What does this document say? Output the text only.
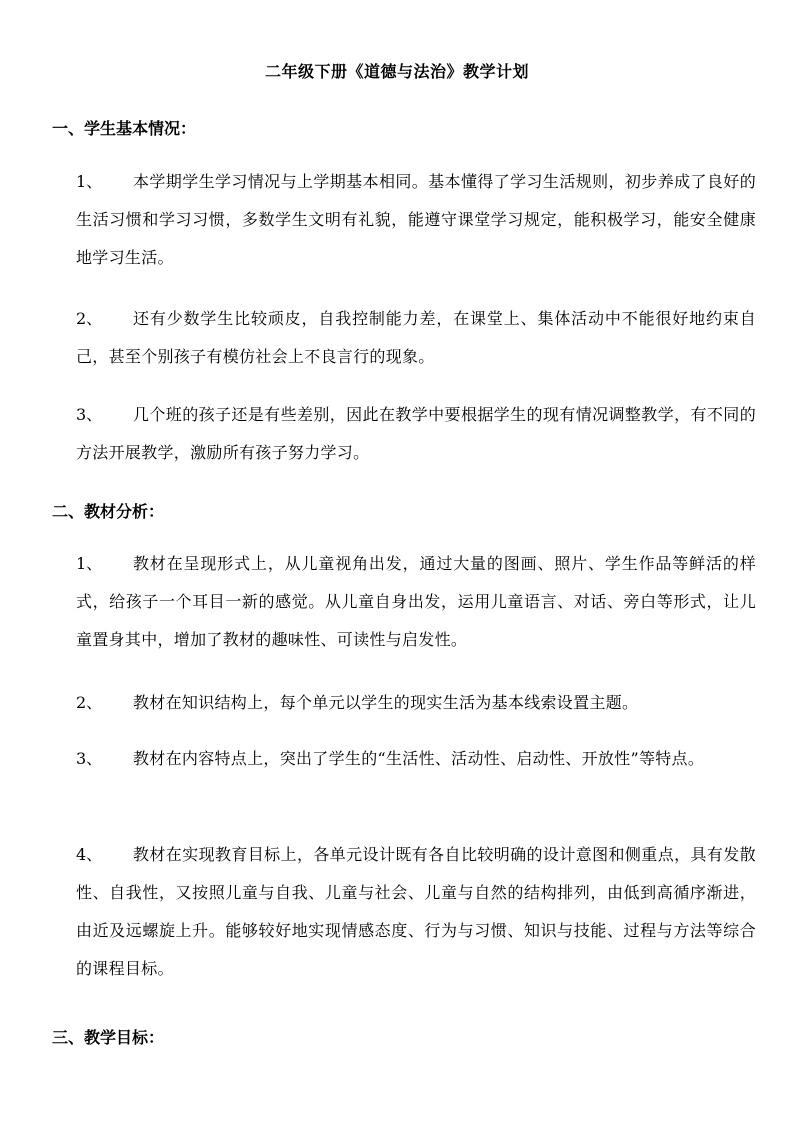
二年级下册《道德与法治》教学计划
一、学生基本情况：
1、	本学期学生学习情况与上学期基本相同。基本懂得了学习生活规则，初步养成了良好的生活习惯和学习习惯，多数学生文明有礼貌，能遵守课堂学习规定，能积极学习，能安全健康地学习生活。
2、	还有少数学生比较顽皮，自我控制能力差，在课堂上、集体活动中不能很好地约束自己，甚至个别孩子有模仿社会上不良言行的现象。
3、	几个班的孩子还是有些差别，因此在教学中要根据学生的现有情况调整教学，有不同的方法开展教学，激励所有孩子努力学习。
二、教材分析：
1、	教材在呈现形式上，从儿童视角出发，通过大量的图画、照片、学生作品等鲜活的样式，给孩子一个耳目一新的感觉。从儿童自身出发，运用儿童语言、对话、旁白等形式，让儿童置身其中，增加了教材的趣味性、可读性与启发性。
2、	教材在知识结构上，每个单元以学生的现实生活为基本线索设置主题。
3、	教材在内容特点上，突出了学生的“生活性、活动性、启动性、开放性”等特点。
4、	教材在实现教育目标上，各单元设计既有各自比较明确的设计意图和侧重点，具有发散性、自我性，又按照儿童与自我、儿童与社会、儿童与自然的结构排列，由低到高循序渐进，由近及远螺旋上升。能够较好地实现情感态度、行为与习惯、知识与技能、过程与方法等综合的课程目标。
三、教学目标：
